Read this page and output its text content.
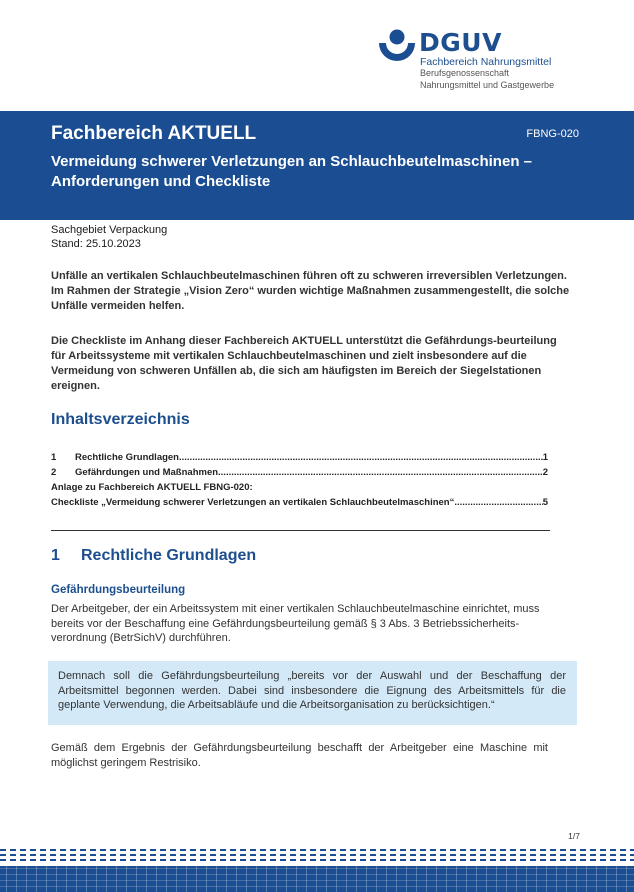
DGUV
Fachbereich Nahrungsmittel
Berufsgenossenschaft
Nahrungsmittel und Gastgewerbe
Fachbereich AKTUELL	FBNG-020
Vermeidung schwerer Verletzungen an Schlauchbeutelmaschinen – Anforderungen und Checkliste
Sachgebiet Verpackung
Stand: 25.10.2023
Unfälle an vertikalen Schlauchbeutelmaschinen führen oft zu schweren irreversiblen Verletzungen. Im Rahmen der Strategie „Vision Zero“ wurden wichtige Maßnahmen zusammengestellt, die solche Unfälle vermeiden helfen.
Die Checkliste im Anhang dieser Fachbereich AKTUELL unterstützt die Gefährdungs-beurteilung für Arbeitssysteme mit vertikalen Schlauchbeutelmaschinen und zielt insbesondere auf die Vermeidung von schweren Unfällen ab, die sich am häufigsten im Bereich der Siegelstationen ereignen.
Inhaltsverzeichnis
1	Rechtliche Grundlagen .....	1
2	Gefährdungen und Maßnahmen .....	2
Anlage zu Fachbereich AKTUELL FBNG-020:
Checkliste „Vermeidung schwerer Verletzungen an vertikalen Schlauchbeutelmaschinen“ .....	5
1 Rechtliche Grundlagen
Gefährdungsbeurteilung
Der Arbeitgeber, der ein Arbeitssystem mit einer vertikalen Schlauchbeutelmaschine einrichtet, muss bereits vor der Beschaffung eine Gefährdungsbeurteilung gemäß § 3 Abs. 3 Betriebssicherheits-verordnung (BetrSichV) durchführen.
Demnach soll die Gefährdungsbeurteilung „bereits vor der Auswahl und der Beschaffung der Arbeitsmittel begonnen werden. Dabei sind insbesondere die Eignung des Arbeitsmittels für die geplante Verwendung, die Arbeitsabläufe und die Arbeitsorganisation zu berücksichtigen.“
Gemäß dem Ergebnis der Gefährdungsbeurteilung beschafft der Arbeitgeber eine Maschine mit möglichst geringem Restrisiko.
1/7
